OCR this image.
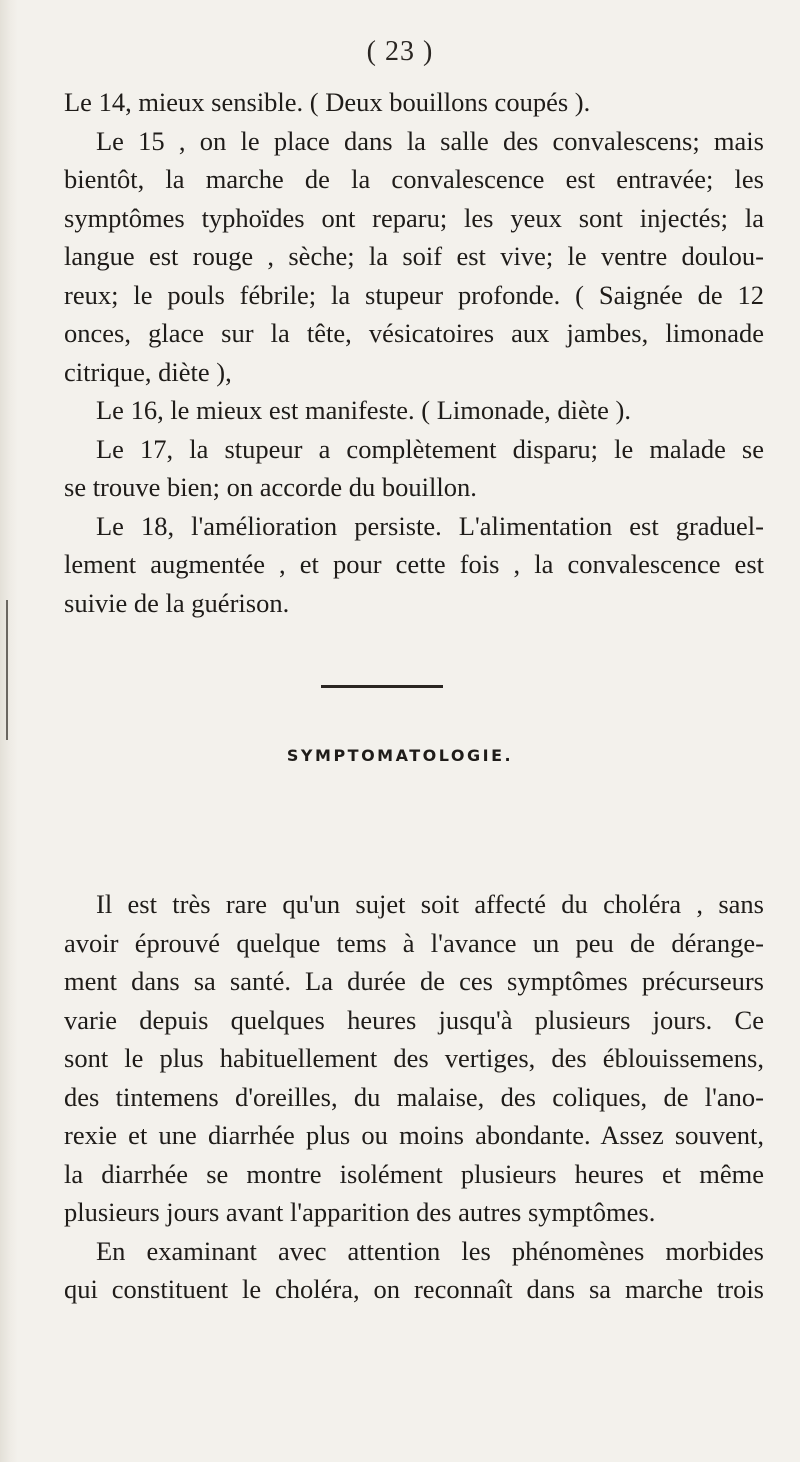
( 23 )
Le 14, mieux sensible. ( Deux bouillons coupés ).
Le 15 , on le place dans la salle des convalescens; mais
bientôt, la marche de la convalescence est entravée; les
symptômes typhoïdes ont reparu; les yeux sont injectés; la
langue est rouge , sèche; la soif est vive; le ventre doulou-
reux; le pouls fébrile; la stupeur profonde. ( Saignée de 12
onces, glace sur la tête, vésicatoires aux jambes, limonade
citrique, diète ),
Le 16, le mieux est manifeste. ( Limonade, diète ).
Le 17, la stupeur a complètement disparu; le malade se
se trouve bien; on accorde du bouillon.
Le 18, l'amélioration persiste. L'alimentation est graduel-
lement augmentée , et pour cette fois , la convalescence est
suivie de la guérison.
SYMPTOMATOLOGIE.
Il est très rare qu'un sujet soit affecté du choléra , sans
avoir éprouvé quelque tems à l'avance un peu de dérange-
ment dans sa santé. La durée de ces symptômes précurseurs
varie depuis quelques heures jusqu'à plusieurs jours. Ce
sont le plus habituellement des vertiges, des éblouissemens,
des tintemens d'oreilles, du malaise, des coliques, de l'ano-
rexie et une diarrhée plus ou moins abondante. Assez souvent,
la diarrhée se montre isolément plusieurs heures et même
plusieurs jours avant l'apparition des autres symptômes.
En examinant avec attention les phénomènes morbides
qui constituent le choléra, on reconnaît dans sa marche trois
